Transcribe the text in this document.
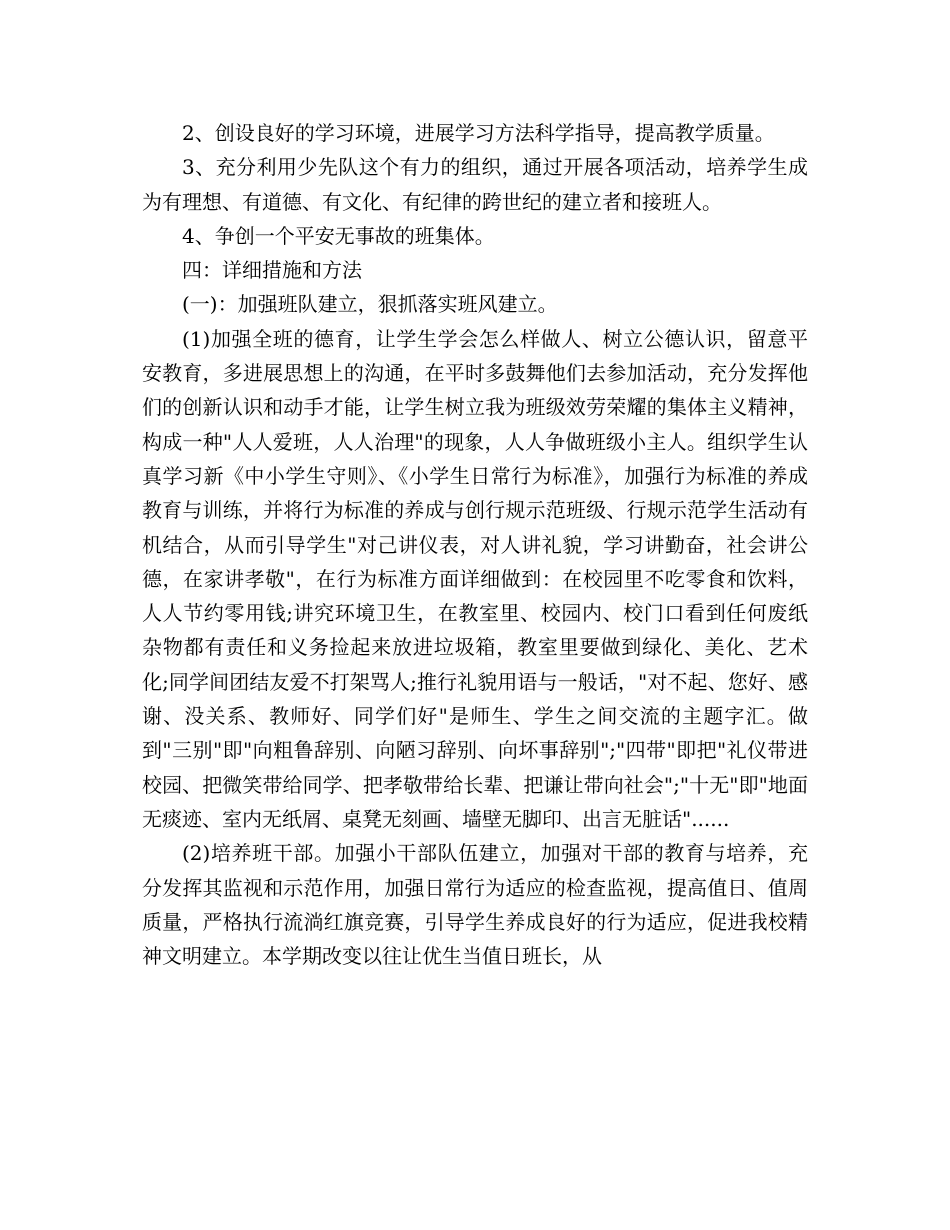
2、创设良好的学习环境，进展学习方法科学指导，提高教学质量。

3、充分利用少先队这个有力的组织，通过开展各项活动，培养学生成为有理想、有道德、有文化、有纪律的跨世纪的建立者和接班人。

4、争创一个平安无事故的班集体。

四：详细措施和方法

(一)：加强班队建立，狠抓落实班风建立。

(1)加强全班的德育，让学生学会怎么样做人、树立公德认识，留意平安教育，多进展思想上的沟通，在平时多鼓舞他们去参加活动，充分发挥他们的创新认识和动手才能，让学生树立我为班级效劳荣耀的集体主义精神，构成一种"人人爱班，人人治理"的现象，人人争做班级小主人。组织学生认真学习新《中小学生守则》、《小学生日常行为标准》，加强行为标准的养成教育与训练，并将行为标准的养成与创行规示范班级、行规示范学生活动有机结合，从而引导学生"对己讲仪表，对人讲礼貌，学习讲勤奋，社会讲公德，在家讲孝敬"，在行为标准方面详细做到：在校园里不吃零食和饮料，人人节约零用钱;讲究环境卫生，在教室里、校园内、校门口看到任何废纸杂物都有责任和义务捡起来放进垃圾箱，教室里要做到绿化、美化、艺术化;同学间团结友爱不打架骂人;推行礼貌用语与一般话，"对不起、您好、感谢、没关系、教师好、同学们好"是师生、学生之间交流的主题字汇。做到"三别"即"向粗鲁辞别、向陋习辞别、向坏事辞别";"四带"即把"礼仪带进校园、把微笑带给同学、把孝敬带给长辈、把谦让带向社会";"十无"即"地面无痰迹、室内无纸屑、桌凳无刻画、墙壁无脚印、出言无脏话"......

(2)培养班干部。加强小干部队伍建立，加强对干部的教育与培养，充分发挥其监视和示范作用，加强日常行为适应的检查监视，提高值日、值周质量，严格执行流淌红旗竞赛，引导学生养成良好的行为适应，促进我校精神文明建立。本学期改变以往让优生当值日班长，从
